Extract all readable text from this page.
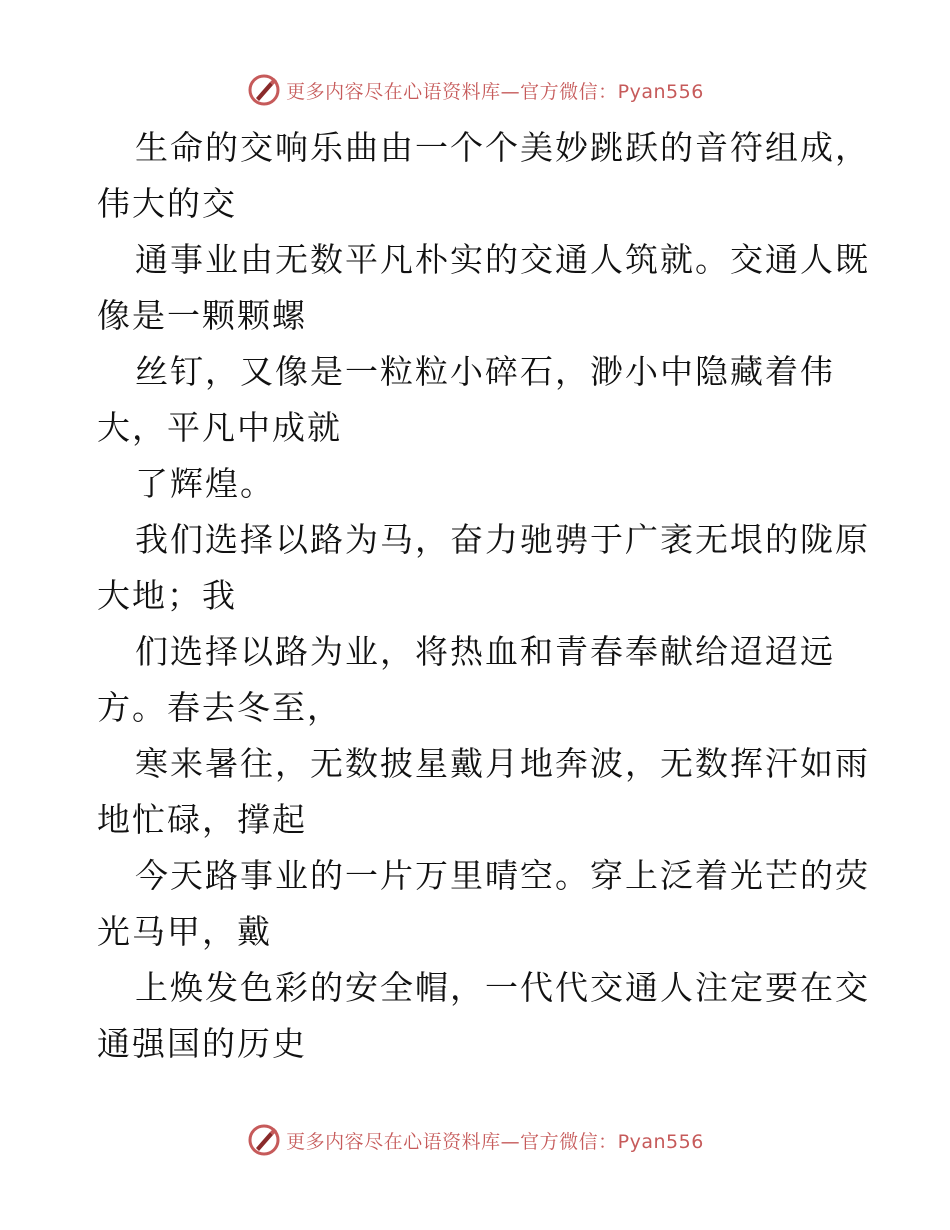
更多内容尽在心语资料库—官方微信：Pyan556
生命的交响乐曲由一个个美妙跳跃的音符组成，
伟大的交
通事业由无数平凡朴实的交通人筑就。交通人既
像是一颗颗螺
丝钉，又像是一粒粒小碎石，渺小中隐藏着伟
大，平凡中成就
了辉煌。
我们选择以路为马，奋力驰骋于广袤无垠的陇原
大地；我
们选择以路为业，将热血和青春奉献给迢迢远
方。春去冬至，
寒来暑往，无数披星戴月地奔波，无数挥汗如雨
地忙碌，撑起
今天路事业的一片万里晴空。穿上泛着光芒的荧
光马甲，戴
上焕发色彩的安全帽，一代代交通人注定要在交
通强国的历史
更多内容尽在心语资料库—官方微信：Pyan556
